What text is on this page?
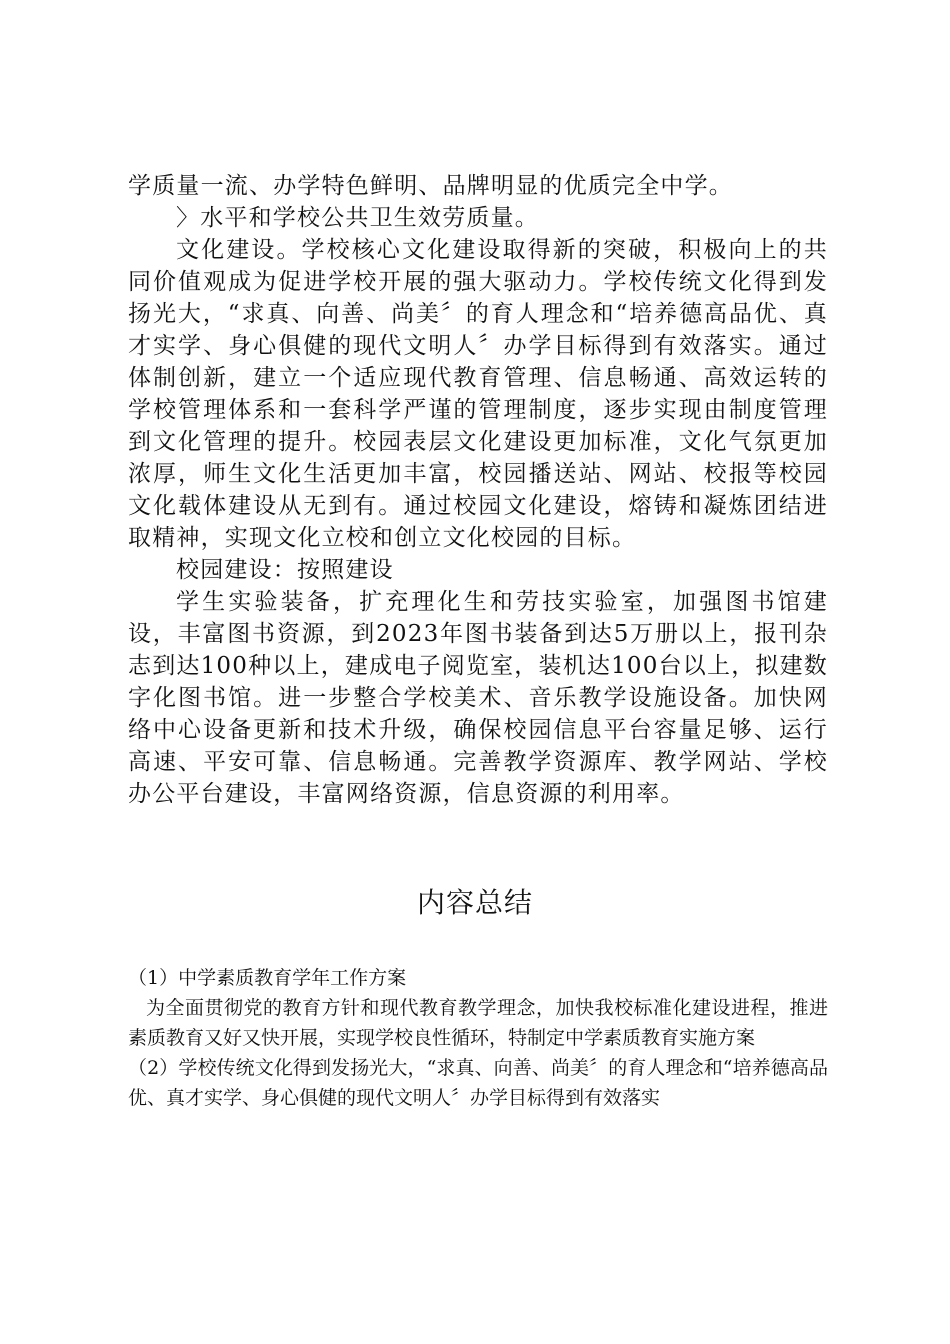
学质量一流、办学特色鲜明、品牌明显的优质完全中学。

〉水平和学校公共卫生效劳质量。

文化建设。学校核心文化建设取得新的突破，积极向上的共同价值观成为促进学校开展的强大驱动力。学校传统文化得到发扬光大，“求真、向善、尚美〞的育人理念和“培养德高品优、真才实学、身心俱健的现代文明人〞办学目标得到有效落实。通过体制创新，建立一个适应现代教育管理、信息畅通、高效运转的学校管理体系和一套科学严谨的管理制度，逐步实现由制度管理到文化管理的提升。校园表层文化建设更加标准，文化气氛更加浓厚，师生文化生活更加丰富，校园播送站、网站、校报等校园文化载体建设从无到有。通过校园文化建设，熔铸和凝炼团结进取精神，实现文化立校和创立文化校园的目标。

校园建设：按照建设

学生实验装备，扩充理化生和劳技实验室，加强图书馆建设，丰富图书资源，到2023年图书装备到达5万册以上，报刊杂志到达100种以上，建成电子阅览室，装机达100台以上，拟建数字化图书馆。进一步整合学校美术、音乐教学设施设备。加快网络中心设备更新和技术升级，确保校园信息平台容量足够、运行高速、平安可靠、信息畅通。完善教学资源库、教学网站、学校办公平台建设，丰富网络资源，信息资源的利用率。

内容总结

（1）中学素质教育学年工作方案

为全面贯彻党的教育方针和现代教育教学理念，加快我校标准化建设进程，推进素质教育又好又快开展，实现学校良性循环，特制定中学素质教育实施方案

（2）学校传统文化得到发扬光大，“求真、向善、尚美〞的育人理念和“培养德高品优、真才实学、身心俱健的现代文明人〞办学目标得到有效落实
